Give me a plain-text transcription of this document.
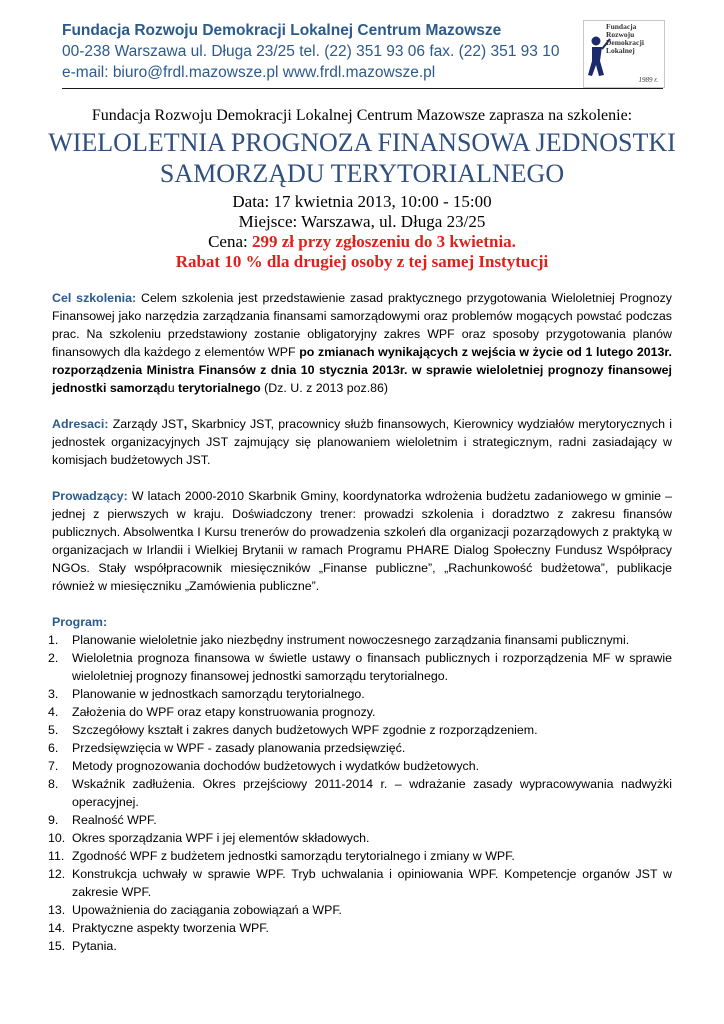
Fundacja Rozwoju Demokracji Lokalnej Centrum Mazowsze
00-238 Warszawa ul. Długa 23/25 tel. (22) 351 93 06 fax. (22) 351 93 10
e-mail: biuro@frdl.mazowsze.pl www.frdl.mazowsze.pl
Fundacja Rozwoju Demokracji Lokalnej
1989 r.
Fundacja Rozwoju Demokracji Lokalnej Centrum Mazowsze zaprasza na szkolenie:
WIELOLETNIA PROGNOZA FINANSOWA JEDNOSTKI
SAMORZĄDU TERYTORIALNEGO
Data: 17 kwietnia 2013, 10:00 - 15:00
Miejsce: Warszawa, ul. Długa 23/25
Cena: 299 zł przy zgłoszeniu do 3 kwietnia.
Rabat 10 % dla drugiej osoby z tej samej Instytucji

Cel szkolenia: Celem szkolenia jest przedstawienie zasad praktycznego przygotowania Wieloletniej Prognozy Finansowej jako narzędzia zarządzania finansami samorządowymi oraz problemów mogących powstać podczas prac. Na szkoleniu przedstawiony zostanie obligatoryjny zakres WPF oraz sposoby przygotowania planów finansowych dla każdego z elementów WPF po zmianach wynikających z wejścia w życie od 1 lutego 2013r. rozporządzenia Ministra Finansów z dnia 10 stycznia 2013r. w sprawie wieloletniej prognozy finansowej jednostki samorządu terytorialnego (Dz. U. z 2013 poz.86)

Adresaci: Zarządy JST, Skarbnicy JST, pracownicy służb finansowych, Kierownicy wydziałów merytorycznych i jednostek organizacyjnych JST zajmujący się planowaniem wieloletnim i strategicznym, radni zasiadający w komisjach budżetowych JST.

Prowadzący: W latach 2000-2010 Skarbnik Gminy, koordynatorka wdrożenia budżetu zadaniowego w gminie – jednej z pierwszych w kraju. Doświadczony trener: prowadzi szkolenia i doradztwo z zakresu finansów publicznych. Absolwentka I Kursu trenerów do prowadzenia szkoleń dla organizacji pozarządowych z praktyką w organizacjach w Irlandii i Wielkiej Brytanii w ramach Programu PHARE Dialog Społeczny Fundusz Współpracy NGOs. Stały współpracownik miesięczników „Finanse publiczne”, „Rachunkowość budżetowa”, publikacje również w miesięczniku „Zamówienia publiczne”.

Program:

1. Planowanie wieloletnie jako niezbędny instrument nowoczesnego zarządzania finansami publicznymi.
2. Wieloletnia prognoza finansowa w świetle ustawy o finansach publicznych i rozporządzenia MF w sprawie wieloletniej prognozy finansowej jednostki samorządu terytorialnego.
3. Planowanie w jednostkach samorządu terytorialnego.
4. Założenia do WPF oraz etapy konstruowania prognozy.
5. Szczegółowy kształt i zakres danych budżetowych WPF zgodnie z rozporządzeniem.
6. Przedsięwzięcia w WPF - zasady planowania przedsięwzięć.
7. Metody prognozowania dochodów budżetowych i wydatków budżetowych.
8. Wskaźnik zadłużenia. Okres przejściowy 2011-2014 r. – wdrażanie zasady wypracowywania nadwyżki operacyjnej.
9. Realność WPF.
10. Okres sporządzania WPF i jej elementów składowych.
11. Zgodność WPF z budżetem jednostki samorządu terytorialnego i zmiany w WPF.
12. Konstrukcja uchwały w sprawie WPF. Tryb uchwalania i opiniowania WPF. Kompetencje organów JST w zakresie WPF.
13. Upoważnienia do zaciągania zobowiązań a WPF.
14. Praktyczne aspekty tworzenia WPF.
15. Pytania.
